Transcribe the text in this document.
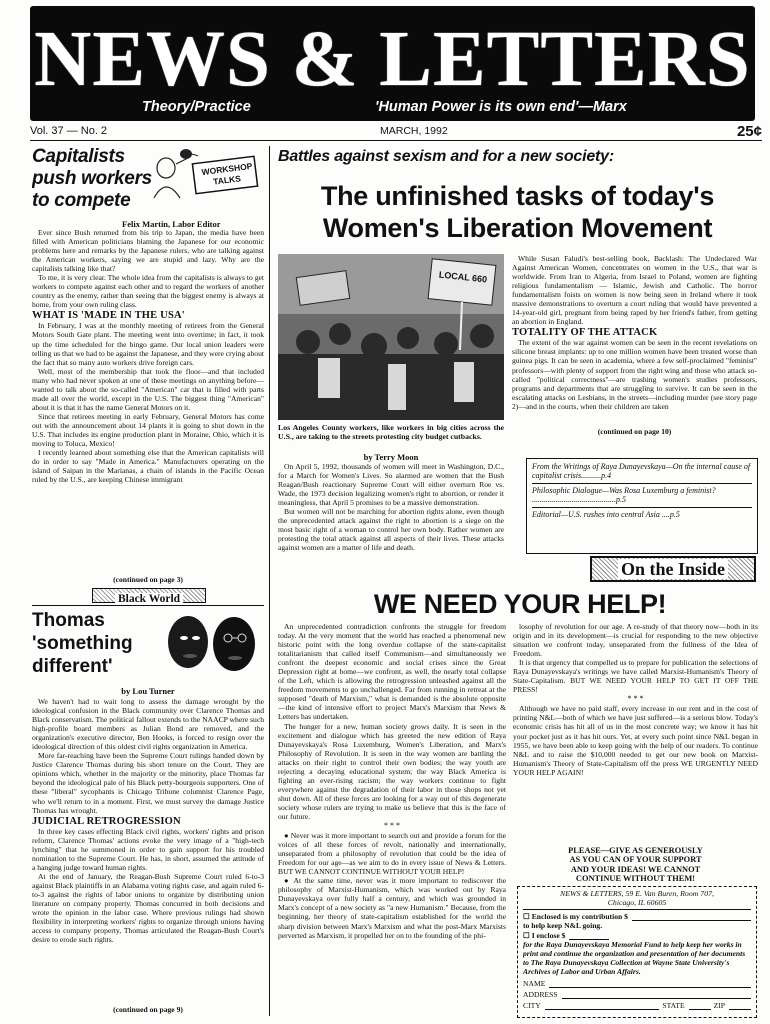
NEWS & LETTERS
Theory/Practice	'Human Power is its own end'—Marx
Vol. 37 — No. 2	MARCH, 1992	25¢
Capitalists
push workers
to compete
WORKSHOP
TALKS
Felix Martin, Labor Editor

Ever since Bush returned from his trip to Japan, the media have been filled with American politicians blaming the Japanese for our economic problems here and remarks by the Japanese rulers, who are talking against the American workers, saying we are stupid and lazy. Why are the capitalists talking like that?

To me, it is very clear. The whole idea from the capitalists is always to get workers to compete against each other and to regard the workers of another country as the enemy, rather than seeing that the biggest enemy is always at home, from your own ruling class.

WHAT IS 'MADE IN THE USA'

In February, I was at the monthly meeting of retirees from the General Motors South Gate plant. The meeting went into overtime; in fact, it took up the time scheduled for the bingo game. Our local union leaders were telling us that we had to be against the Japanese, and they were crying about the fact that so many auto workers drive foreign cars.

Well, most of the membership that took the floor—and that included many who had never spoken at one of these meetings on anything before—wanted to talk about the so-called "American" car that is filled with parts made all over the world, except in the U.S. The biggest thing "American" about it is that it has the name General Motors on it.

Since that retirees meeting in early February, General Motors has come out with the announcement about 14 plants it is going to shut down in the U.S. That includes its engine production plant in Moraine, Ohio, which it is moving to Toluca, Mexico!

I recently learned about something else that the American capitalists will do in order to say "Made in America." Manufacturers operating on the island of Saipan in the Marianas, a chain of islands in the Pacific Ocean ruled by the U.S., are keeping Chinese immigrant

(continued on page 3)
Black World
Thomas
'something
different'
by Lou Turner

We haven't had to wait long to assess the damage wrought by the ideological confusion in the Black community over Clarence Thomas and Black conservatism. The political fallout extends to the NAACP where such high-profile board members as Julian Bond are removed, and the organization's executive director, Ben Hooks, is forced to resign over the ideological direction of this oldest civil rights organization in America.

More far-reaching have been the Supreme Court rulings handed down by Justice Clarence Thomas during his short tenure on the Court. They are opinions which, whether in the majority or the minority, place Thomas far beyond the ideological pale of his Black petty-bourgeois supporters. One of these "liberal" sycophants is Chicago Tribune columnist Clarence Page, who we'll return to in a moment. First, we must survey the damage Justice Thomas has wrought.

JUDICIAL RETROGRESSION

In three key cases effecting Black civil rights, workers' rights and prison reform, Clarence Thomas' actions evoke the very image of a "high-tech lynching" that he summoned in order to gain support for his troubled nomination to the Supreme Court. He has, in short, assumed the attitude of a hanging judge toward human rights.

At the end of January, the Reagan-Bush Supreme Court ruled 6-to-3 against Black plaintiffs in an Alabama voting rights case, and again ruled 6-to-3 against the rights of labor unions to organize by distributing union literature on company property. Thomas concurred in both decisions and wrote the opinion in the labor case. Where previous rulings had shown flexibility in interpreting workers' rights to organize through unions having access to company property, Thomas articulated the Reagan-Bush Court's desire to erode such rights.

(continued on page 9)
Battles against sexism and for a new society:
The unfinished tasks of today's
Women's Liberation Movement
LOCAL 660
Los Angeles County workers, like workers in big cities across the U.S., are taking to the streets protesting city budget cutbacks.
by Terry Moon

On April 5, 1992, thousands of women will meet in Washington, D.C., for a March for Women's Lives. So alarmed are women that the Bush Reagan/Bush reactionary Supreme Court will either overturn Roe vs. Wade, the 1973 decision legalizing women's right to abortion, or render it meaningless, that April 5 promises to be a massive demonstration.

But women will not be marching for abortion rights alone, even though the unprecedented attack against the right to abortion is a siege on the most basic right of a woman to control her own body. Rather women are protesting the total attack against all aspects of their lives. These attacks against women are a matter of life and death.

While Susan Faludi's best-selling book, Backlash: The Undeclared War Against American Women, concentrates on women in the U.S., that war is worldwide. From Iran to Algeria, from Israel to Poland, women are fighting religious fundamentalism — Islamic, Jewish and Catholic. The horror fundamentalism foists on women is now being seen in Ireland where it took massive demonstrations to overturn a court ruling that would have prevented a 14-year-old girl, pregnant from being raped by her friend's father, from getting an abortion in England.

TOTALITY OF THE ATTACK

The extent of the war against women can be seen in the recent revelations on silicone breast implants: up to one million women have been treated worse than guinea pigs. It can be seen in academia, where a few self-proclaimed "feminist" professors—with plenty of support from the right wing and those who attack so-called "political correctness"—are trashing women's studies professors, programs and departments that are struggling to survive. It can be seen in the escalating attacks on Lesbians, in the streets—including murder (see story page 2)—and in the courts, when their children are taken

(continued on page 10)
From the Writings of Raya Dunayevskaya—On the internal cause of capitalist crisis..........p.4
Philosophic Dialogue—Was Rosa Luxemburg a feminist? ..........................................p.5
Editorial—U.S. rushes into central Asia ....p.5
On the Inside
WE NEED YOUR HELP!

An unprecedented contradiction confronts the struggle for freedom today. At the very moment that the world has reached a phenomenal new historic point with the long overdue collapse of the state-capitalist totalitarianism that called itself Communism—and simultaneously we confront the deepest economic and social crises since the Great Depression right at home—we confront, as well, the nearly total collapse of the Left, which is allowing the retrogression unleashed against all the freedom movements to go unchallenged. Far from running in retreat at the supposed "death of Marxism," what is demanded is the absolute opposite—the kind of intensive effort to project Marx's Marxism that News & Letters has undertaken.

The hunger for a new, human society grows daily. It is seen in the excitement and dialogue which has greeted the new edition of Raya Dunayevskaya's Rosa Luxemburg, Women's Liberation, and Marx's Philosophy of Revolution. It is seen in the way women are battling the attacks on their right to control their own bodies; the way youth are rejecting a decaying educational system; the way Black America is fighting an ever-rising racism; the way workers continue to fight everywhere against the degradation of their labor in those shops not yet shut down. All of these forces are looking for a way out of this degenerate society whose rulers are trying to make us believe that this is the face of our future.

* * *

● Never was it more important to search out and provide a forum for the voices of all these forces of revolt, nationally and internationally, unseparated from a philosophy of revolution that could be the idea of Freedom for our age—as we aim to do in every issue of News & Letters. BUT WE CANNOT CONTINUE WITHOUT YOUR HELP!

● At the same time, never was it more important to rediscover the philosophy of Marxist-Humanism, which was worked out by Raya Dunayevskaya over fully half a century, and which was grounded in Marx's concept of a new society as "a new Humanism." Because, from the beginning, her theory of state-capitalism established for the world the sharp division between Marx's Marxism and what the post-Marx Marxists perverted as Marxism, it propelled her on to the founding of the phi-

losophy of revolution for our age. A re-study of that theory now—both in its origin and in its development—is crucial for responding to the new objective situation we confront today, unseparated from the fullness of the Idea of Freedom.

It is that urgency that compelled us to prepare for publication the selections of Raya Dunayevskaya's writings we have called Marxist-Humanism's Theory of State-Capitalism. BUT WE NEED YOUR HELP TO GET IT OFF THE PRESS!

* * *

Although we have no paid staff, every increase in our rent and in the cost of printing N&L—both of which we have just suffered—is a serious blow. Today's economic crisis has hit all of us in the most concrete way; we know it has hit your pocket just as it has hit ours. Yet, at every such point since N&L began in 1955, we have been able to keep going with the help of our readers. To continue N&L and to raise the $10,000 needed to get our new book on Marxist-Humanism's Theory of State-Capitalism off the press WE URGENTLY NEED YOUR HELP AGAIN!

PLEASE—GIVE AS GENEROUSLY
AS YOU CAN OF YOUR SUPPORT
AND YOUR IDEAS! WE CANNOT
CONTINUE WITHOUT THEM!
NEWS & LETTERS, 59 E. Van Buren, Room 707,
Chicago, IL 60605
☐ Enclosed is my contribution $
to help keep N&L going.
☐ I enclose $
for the Raya Dunayevskaya Memorial Fund to help keep her works in print and continue the organization and presentation of her documents to The Raya Dunayevskaya Collection at Wayne State University's Archives of Labor and Urban Affairs.
NAME
ADDRESS
CITY	STATE	ZIP
